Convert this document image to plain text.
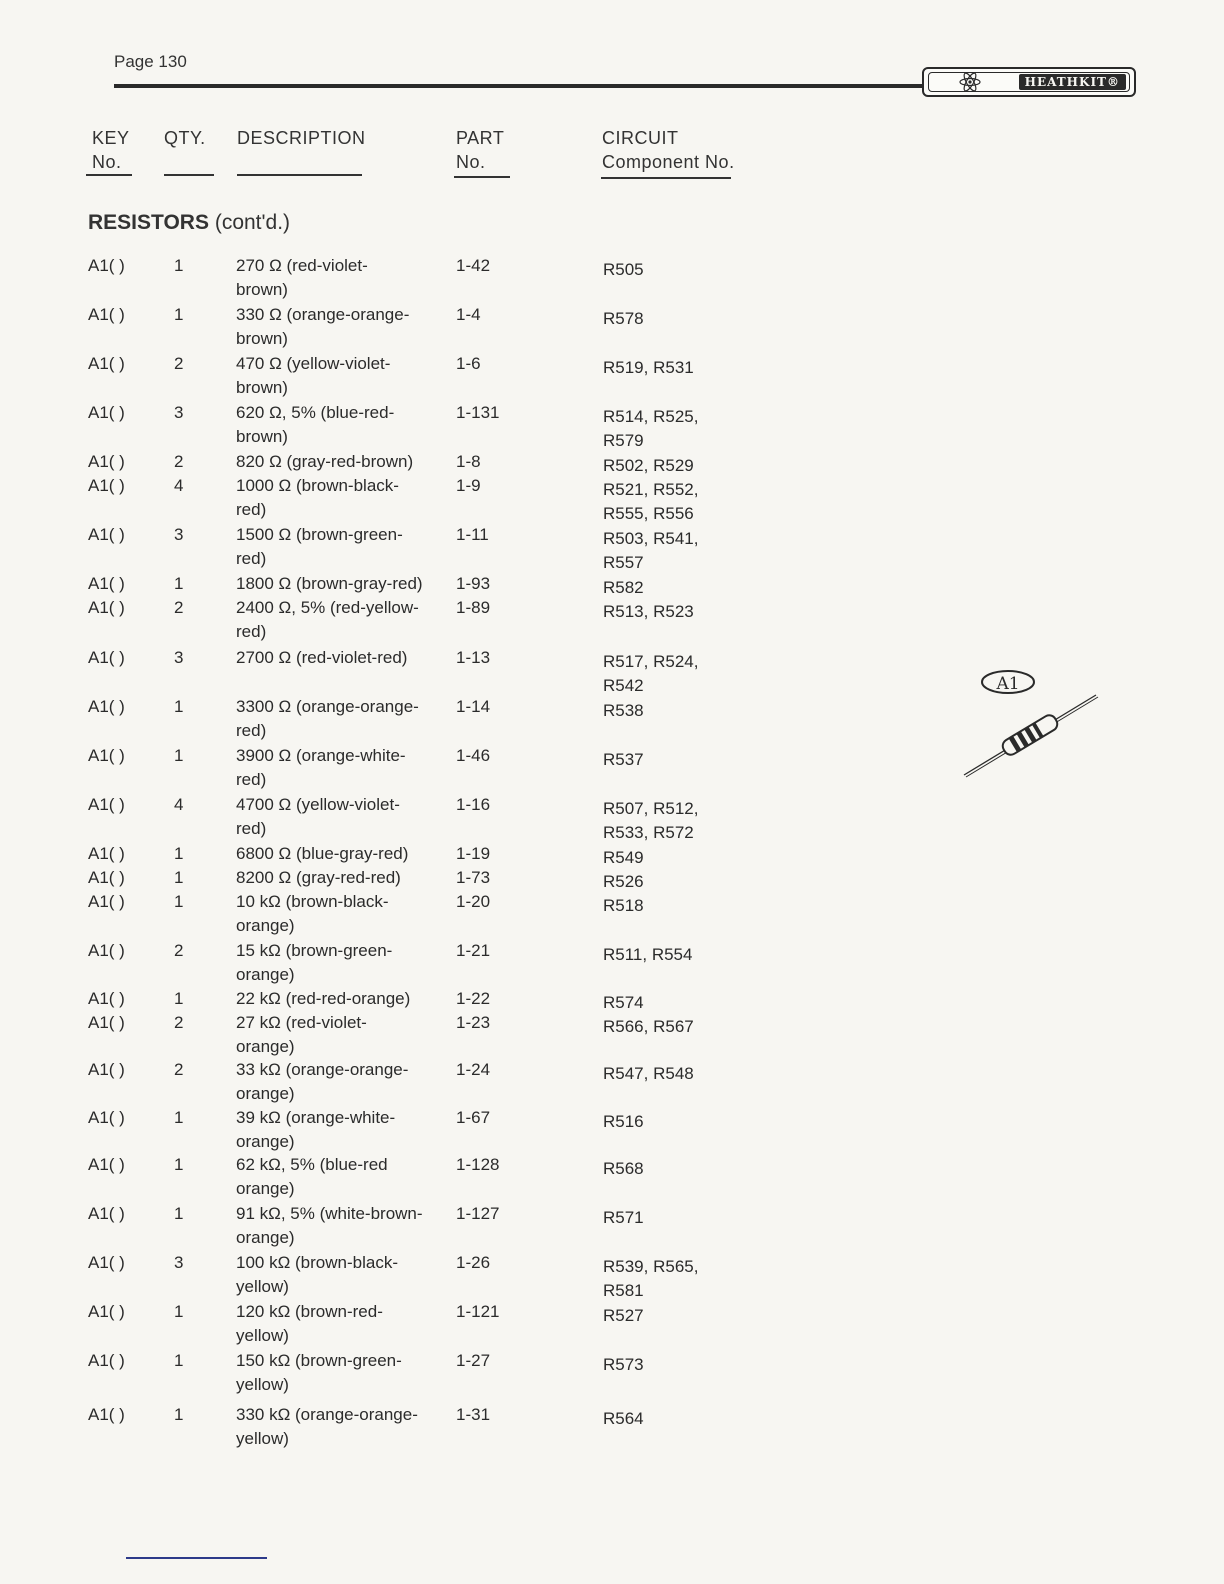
Page 130
HEATHKIT®
KEY
No.
QTY. DESCRIPTION	PART
No.
CIRCUIT
Component No.
RESISTORS (cont'd.)
A1( )	1	270 Ω (red-violet-
brown)
1-42	R505
A1( )	1	330 Ω (orange-orange-
brown)
1-4	R578
A1( )	2	470 Ω (yellow-violet-
brown)
1-6	R519, R531
A1( )	3	620 Ω, 5% (blue-red-
brown)
1-131	R514, R525,
R579
A1( )	2	820 Ω (gray-red-brown)	1-8	R502, R529
A1( )	4	1000 Ω (brown-black-
red)
1-9	R521, R552,
R555, R556
A1( )	3	1500 Ω (brown-green-
red)
1-11	R503, R541,
R557
A1( )	1	1800 Ω (brown-gray-red)	1-93	R582
A1( )	2	2400 Ω, 5% (red-yellow-
red)
1-89	R513, R523
A1( )	3	2700 Ω (red-violet-red)	1-13	R517, R524,
R542
A1( )	1	3300 Ω (orange-orange-
red)
1-14	R538
A1( )	1	3900 Ω (orange-white-
red)
1-46	R537
A1( )	4	4700 Ω (yellow-violet-
red)
1-16	R507, R512,
R533, R572
A1( )	1	6800 Ω (blue-gray-red)	1-19	R549
A1( )	1	8200 Ω (gray-red-red)	1-73	R526
A1( )	1	10 kΩ (brown-black-
orange)
1-20	R518
A1( )	2	15 kΩ (brown-green-
orange)
1-21	R511, R554
A1( )	1	22 kΩ (red-red-orange)	1-22	R574
A1( )	2	27 kΩ (red-violet-
orange)
1-23	R566, R567
A1( )	2	33 kΩ (orange-orange-
orange)
1-24	R547, R548
A1( )	1	39 kΩ (orange-white-
orange)
1-67	R516
A1( )	1	62 kΩ, 5% (blue-red
orange)
1-128	R568
A1( )	1	91 kΩ, 5% (white-brown-
orange)
1-127	R571
A1( )	3	100 kΩ (brown-black-
yellow)
1-26	R539, R565,
R581
A1( )	1	120 kΩ (brown-red-
yellow)
1-121	R527
A1( )	1	150 kΩ (brown-green-
yellow)
1-27	R573
A1( )	1	330 kΩ (orange-orange-
yellow)
1-31	R564
A1
